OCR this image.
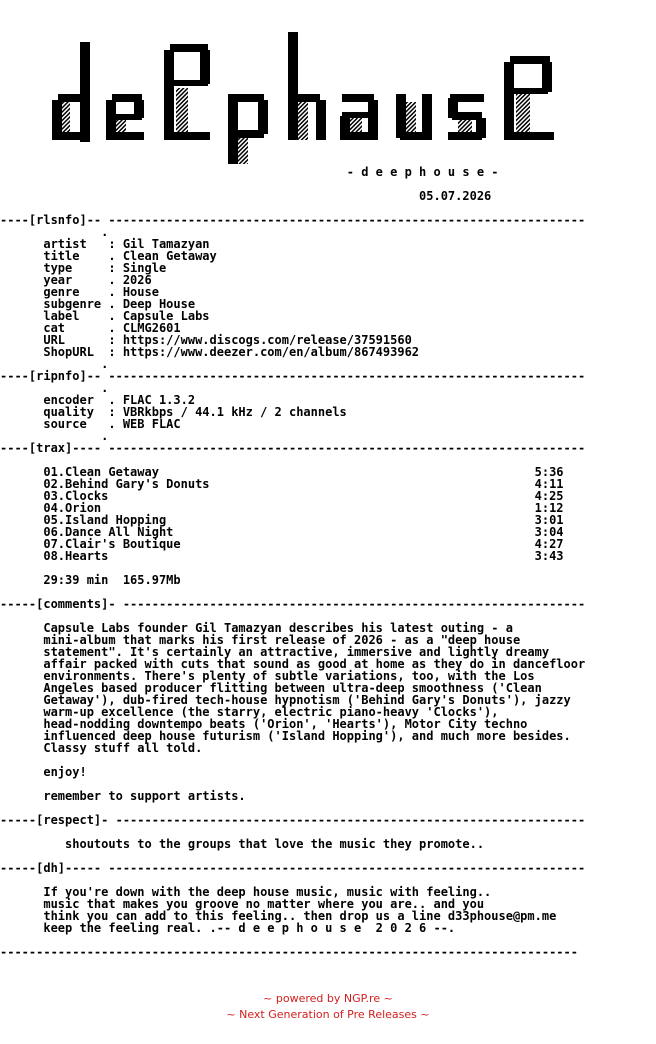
- d e e p h o u s e -

05.07.2026

----[rlsnfo]-- ------------------------------------------------------------------
.
artist   : Gil Tamazyan
title    . Clean Getaway
type     : Single
year     . 2026
genre    . House
subgenre . Deep House
label    . Capsule Labs
cat      . CLMG2601
URL      : https://www.discogs.com/release/37591560
ShopURL  : https://www.deezer.com/en/album/867493962
.
----[ripnfo]-- ------------------------------------------------------------------
.
encoder  . FLAC 1.3.2
quality  : VBRkbps / 44.1 kHz / 2 channels
source   . WEB FLAC
.
----[trax]---- ------------------------------------------------------------------

01.Clean Getaway                                                    5:36
02.Behind Gary's Donuts                                             4:11
03.Clocks                                                           4:25
04.Orion                                                            1:12
05.Island Hopping                                                   3:01
06.Dance All Night                                                  3:04
07.Clair's Boutique                                                 4:27
08.Hearts                                                           3:43

29:39 min  165.97Mb

-----[comments]- ----------------------------------------------------------------

Capsule Labs founder Gil Tamazyan describes his latest outing - a
mini-album that marks his first release of 2026 - as a "deep house
statement". It's certainly an attractive, immersive and lightly dreamy
affair packed with cuts that sound as good at home as they do in dancefloor
environments. There's plenty of subtle variations, too, with the Los
Angeles based producer flitting between ultra-deep smoothness ('Clean
Getaway'), dub-fired tech-house hypnotism ('Behind Gary's Donuts'), jazzy
warm-up excellence (the starry, electric piano-heavy 'Clocks'),
head-nodding downtempo beats ('Orion', 'Hearts'), Motor City techno
influenced deep house futurism ('Island Hopping'), and much more besides.
Classy stuff all told.

enjoy!

remember to support artists.

-----[respect]- -----------------------------------------------------------------

shoutouts to the groups that love the music they promote..

-----[dh]----- ------------------------------------------------------------------

If you're down with the deep house music, music with feeling..
music that makes you groove no matter where you are.. and you
think you can add to this feeling.. then drop us a line d33phouse@pm.me
keep the feeling real. .-- d e e p h o u s e  2 0 2 6 --.

--------------------------------------------------------------------------------
~ powered by NGP.re ~
~ Next Generation of Pre Releases ~
